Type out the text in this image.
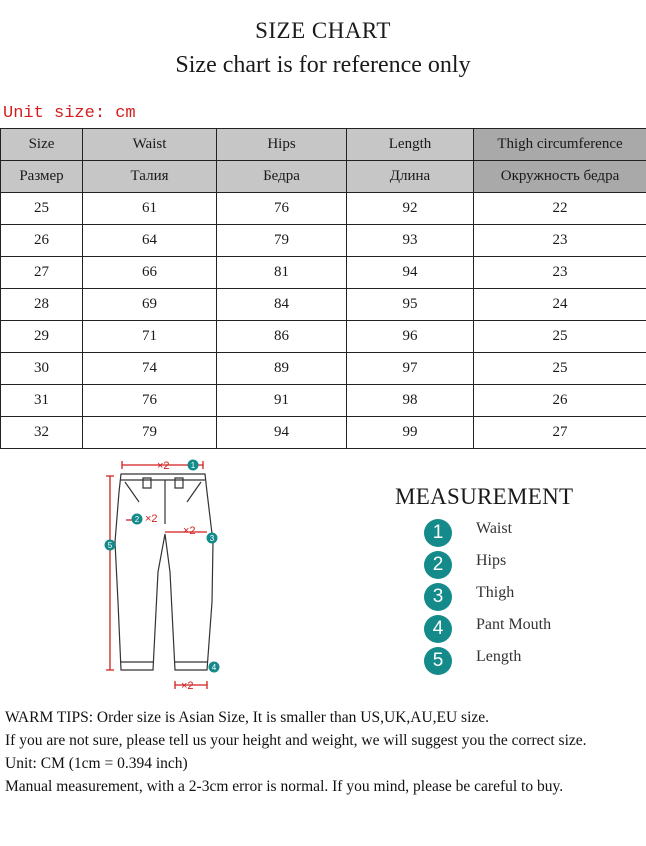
SIZE CHART
Size chart is for reference only
Unit size: cm
Size	Waist	Hips	Length	Thigh circumference
Размер	Талия	Бедра	Длина	Окружность бедра
25	61	76	92	22
26	64	79	93	23
27	66	81	94	23
28	69	84	95	24
29	71	86	96	25
30	74	89	97	25
31	76	91	98	26
32	79	94	99	27
×2
×2
×2
×2
1
2
3
4
5
MEASUREMENT
1	Waist
2	Hips
3	Thigh
4	Pant Mouth
5	Length

WARM TIPS: Order size is Asian Size, It is smaller than US,UK,AU,EU size.

If you are not sure, please tell us your height and weight, we will suggest you the correct size.

Unit: CM (1cm = 0.394 inch)

Manual measurement, with a 2-3cm error is normal. If you mind, please be careful to buy.
